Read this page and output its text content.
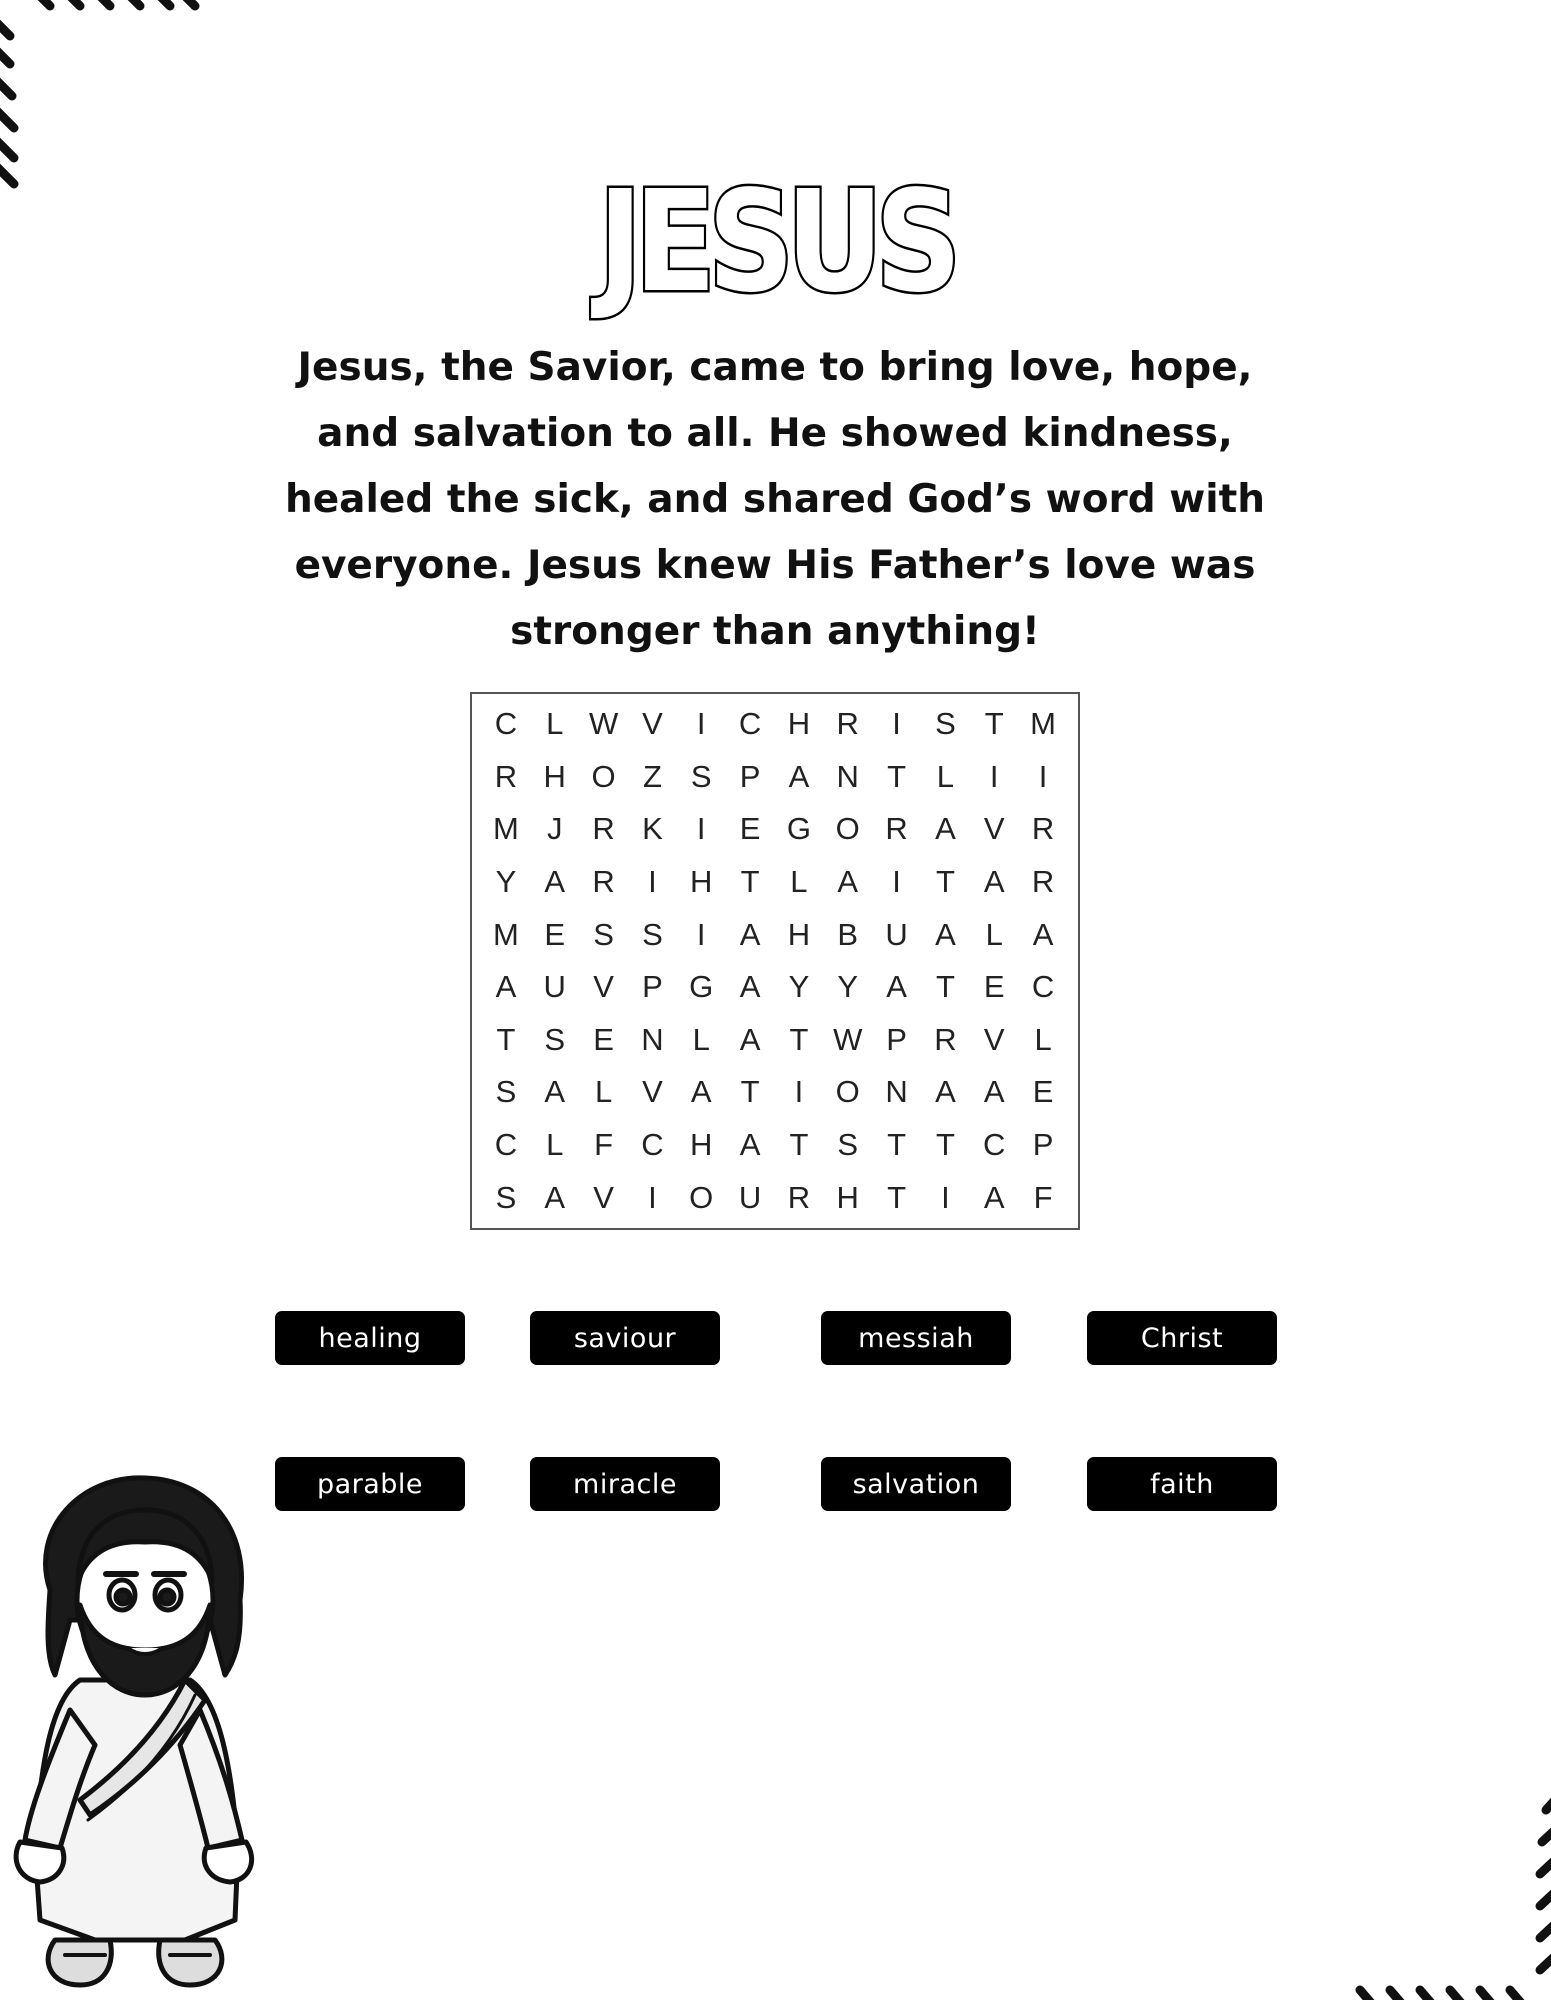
JESUS

Jesus, the Savior, came to bring love, hope, and salvation to all. He showed kindness, healed the sick, and shared God’s word with everyone. Jesus knew His Father’s love was stronger than anything!

C L W V	I	C H R	I	S T M
R H O Z S P A N T L	I	I
M J R K	I	E G O R A V R
Y A R	I	H T L A	I	T A R
M E S S	I	A H B U A L A
A U V P G A Y Y A T E C
T S E N L A T W P R V L
S A L V A T	I	O N A A E
C L F C H A T S T T C P
S A V	I	O U R H T	I	A F
healing	saviour	messiah	Christ
parable	miracle	salvation	faith
